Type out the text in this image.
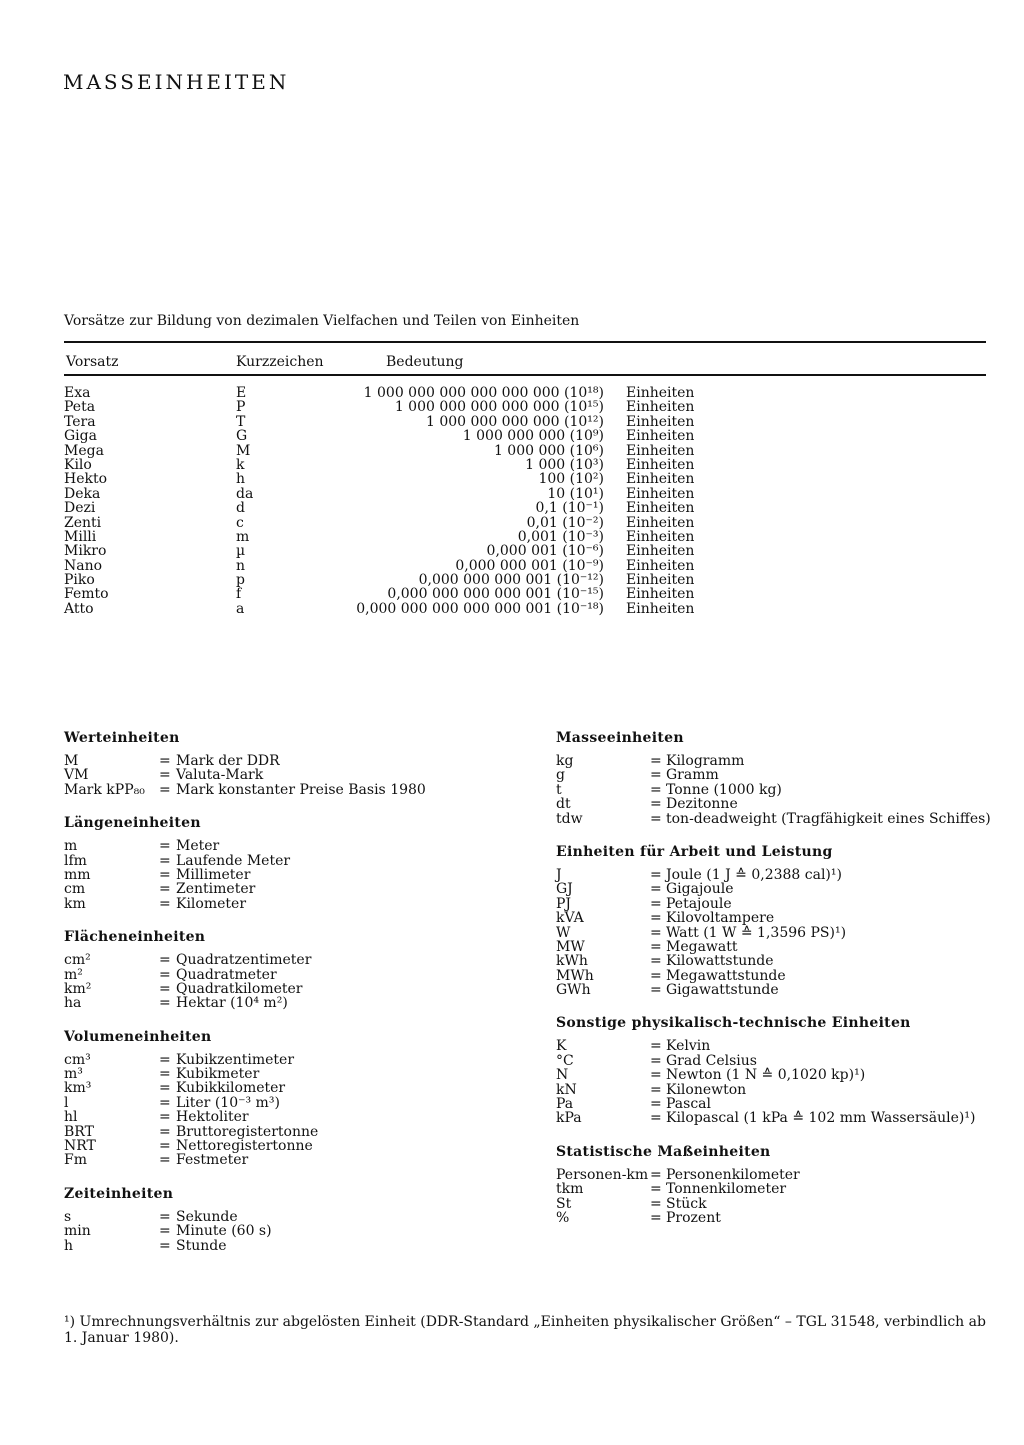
MASSEINHEITEN

Vorsätze zur Bildung von dezimalen Vielfachen und Teilen von Einheiten

Vorsatz	Kurzzeichen	Bedeutung
Exa	E	1 000 000 000 000 000 000 (10¹⁸) Einheiten
Peta	P	1 000 000 000 000 000 (10¹⁵) Einheiten
Tera	T	1 000 000 000 000 (10¹²) Einheiten
Giga	G	1 000 000 000 (10⁹) Einheiten
Mega	M	1 000 000 (10⁶) Einheiten
Kilo	k	1 000 (10³) Einheiten
Hekto	h	100 (10²) Einheiten
Deka	da	10 (10¹) Einheiten
Dezi	d	0,1 (10⁻¹) Einheiten
Zenti	c	0,01 (10⁻²) Einheiten
Milli	m	0,001 (10⁻³) Einheiten
Mikro	µ	0,000 001 (10⁻⁶) Einheiten
Nano	n	0,000 000 001 (10⁻⁹) Einheiten
Piko	p	0,000 000 000 001 (10⁻¹²) Einheiten
Femto	f	0,000 000 000 000 001 (10⁻¹⁵) Einheiten
Atto	a	0,000 000 000 000 000 001 (10⁻¹⁸) Einheiten
Werteinheiten
M	= Mark der DDR
VM	= Valuta-Mark
Mark kPP₈₀ = Mark konstanter Preise Basis 1980
Längeneinheiten
m	= Meter
lfm	= Laufende Meter
mm	= Millimeter
cm	= Zentimeter
km	= Kilometer
Flächeneinheiten
cm²	= Quadratzentimeter
m²	= Quadratmeter
km²	= Quadratkilometer
ha	= Hektar (10⁴ m²)
Volumeneinheiten
cm³	= Kubikzentimeter
m³	= Kubikmeter
km³	= Kubikkilometer
l	= Liter (10⁻³ m³)
hl	= Hektoliter
BRT	= Bruttoregistertonne
NRT	= Nettoregistertonne
Fm	= Festmeter
Zeiteinheiten
s	= Sekunde
min	= Minute (60 s)
h	= Stunde
Masseeinheiten
kg	= Kilogramm
g	= Gramm
t	= Tonne (1000 kg)
dt	= Dezitonne
tdw	= ton-deadweight (Tragfähigkeit eines Schiffes)
Einheiten für Arbeit und Leistung
J	= Joule (1 J ≙ 0,2388 cal)¹)
GJ	= Gigajoule
PJ	= Petajoule
kVA	= Kilovoltampere
W	= Watt (1 W ≙ 1,3596 PS)¹)
MW	= Megawatt
kWh	= Kilowattstunde
MWh	= Megawattstunde
GWh	= Gigawattstunde
Sonstige physikalisch-technische Einheiten
K	= Kelvin
°C	= Grad Celsius
N	= Newton (1 N ≙ 0,1020 kp)¹)
kN	= Kilonewton
Pa	= Pascal
kPa	= Kilopascal (1 kPa ≙ 102 mm Wassersäule)¹)
Statistische Maßeinheiten
Personen-km = Personenkilometer
tkm	= Tonnenkilometer
St	= Stück
%	= Prozent

¹) Umrechnungsverhältnis zur abgelösten Einheit (DDR-Standard „Einheiten physikalischer Größen“ – TGL 31548, verbindlich ab 1. Januar 1980).
